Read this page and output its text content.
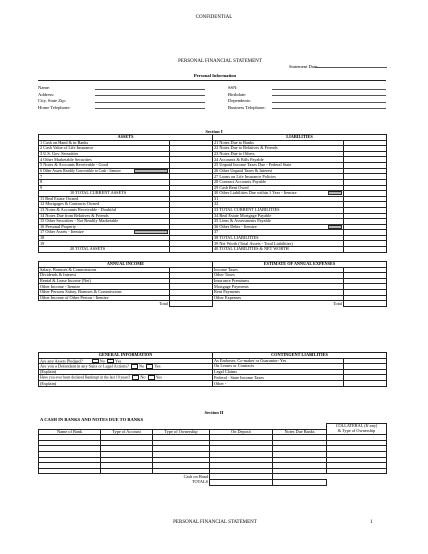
CONFIDENTIAL
PERSONAL FINANCIAL STATEMENT
Statement Date:
Personal Information
Name:
Address:
City, State Zip:
Home Telephone:
SSN:
Birthdate:
Dependents:
Business Telephone:
Section I
ASSETS		LIABILITIES	
1 Cash on Hand & in Banks		21 Notes Due to Banks	
2 Cash Value of Life Insurance		22 Notes Due to Relatives & Friends	
3 U.S. Gov. Securities		23 Notes Due to Others	
4 Other Marketable Securities		24 Accounts & Bills Payable	
5 Notes & Accounts Receivable - Good		25 Unpaid Income Taxes Due - Federal State	
6 Other Assets Readily Convertible to Cash - Itemize		26 Other Unpaid Taxes & Interest	
7		27 Loans on Life Insurance Policies	
8		28 Contract Accounts Payable	
9		29 Cash Rent Owed	
10 TOTAL CURRENT ASSETS		30 Other Liabilities Due within 1 Year - Itemize

11 Real Estate Owned		31	
12 Mortgages & Contracts Owned		32	
13 Notes & Accounts Receivable - Doubtful		33 TOTAL CURRENT LIABILITIES	
14 Notes Due from Relatives & Friends		34 Real Estate Mortgage Payable	
15 Other Securities - Not Readily Marketable		35 Liens & Assessments Payable	
16 Personal Property		36 Other Debts - Itemize

17 Other Assets - Itemize		37	
18		38 TOTAL LIABILITIES	
19		39 Net Worth (Total Assets - Total Liabilities)	
20 TOTAL ASSETS		40 TOTAL LIABILITIES & NET WORTH	
ANNUAL INCOME		ESTIMATE OF ANNUAL EXPENSES	
Salary, Bonuses & Commissions		Income Taxes	
Dividends & Interest		Other Taxes	
Rental & Lease Income (Net)		Insurance Premiums	
Other Income - Itemize		Mortgage Payments	
Other Persons Salary, Bonuses & Commissions		Rent Payments	
Other Income of Other Person - Itemize		Other Expenses	
Total		Total	
GENERAL INFORMATION	CONTINGENT LIABILITIES	
Are any Assets Pledged? No Yes	As Endorser, Co-maker or Guarantor- Yes	
Are you a Defendant in any Suits or Legal Actions? No Yes	On Leases or Contracts	
(Explain)	Legal Claims	
Have you ever been declared Bankrupt in the last 10 years? No Yes	Federal - State Income Taxes	
(Explain)	Other -	
Section II
A CASH IN BANKS AND NOTES DUE TO BANKS
					COLLATERAL (If any)
Name of Bank	Type of Account	Type of Ownership	On Deposit	Notes Due Banks	& Type of Ownership

Cash on Hand					
TOTALS					
PERSONAL FINANCIAL STATEMENT	1
